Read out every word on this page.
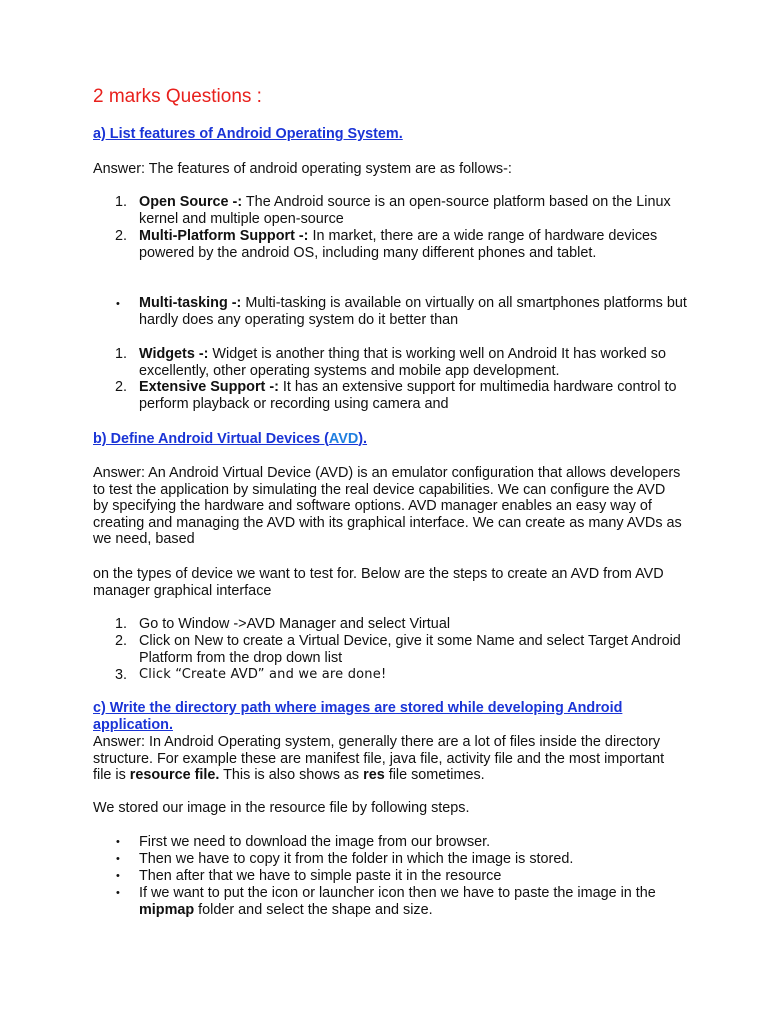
2 marks Questions :
a) List features of Android Operating System.
Answer: The features of android operating system are as follows-:
1. Open Source -: The Android source is an open-source platform based on the Linux kernel and multiple open-source
2. Multi-Platform Support -: In market, there are a wide range of hardware devices powered by the android OS, including many different phones and tablet.
• Multi-tasking -: Multi-tasking is available on virtually on all smartphones platforms but hardly does any operating system do it better than
1. Widgets -: Widget is another thing that is working well on Android It has worked so excellently, other operating systems and mobile app development.
2. Extensive Support -: It has an extensive support for multimedia hardware control to perform playback or recording using camera and
b) Define Android Virtual Devices (AVD).
Answer: An Android Virtual Device (AVD) is an emulator configuration that allows developers to test the application by simulating the real device capabilities. We can configure the AVD by specifying the hardware and software options. AVD manager enables an easy way of creating and managing the AVD with its graphical interface. We can create as many AVDs as we need, based
on the types of device we want to test for. Below are the steps to create an AVD from AVD manager graphical interface
1. Go to Window ->AVD Manager and select Virtual
2. Click on New to create a Virtual Device, give it some Name and select Target Android Platform from the drop down list
3. Click “Create AVD” and we are done!
c) Write the directory path where images are stored while developing Android application.
Answer: In Android Operating system, generally there are a lot of files inside the directory structure. For example these are manifest file, java file, activity file and the most important file is resource file. This is also shows as res file sometimes.
We stored our image in the resource file by following steps.
• First we need to download the image from our browser.
• Then we have to copy it from the folder in which the image is stored.
• Then after that we have to simple paste it in the resource
• If we want to put the icon or launcher icon then we have to paste the image in the mipmap folder and select the shape and size.
